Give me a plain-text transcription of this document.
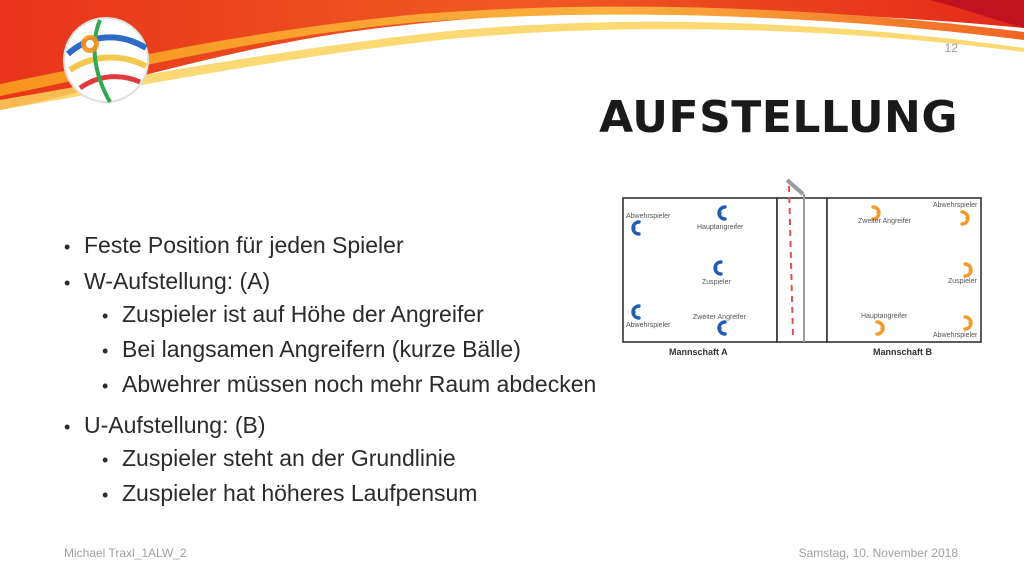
12
AUFSTELLUNG
• Feste Position für jeden Spieler
• W-Aufstellung: (A)
• Zuspieler ist auf Höhe der Angreifer
• Bei langsamen Angreifern (kurze Bälle)
• Abwehrer müssen noch mehr Raum abdecken
• U-Aufstellung: (B)
• Zuspieler steht an der Grundlinie
• Zuspieler hat höheres Laufpensum
Abwehrspieler
Hauptangreifer
Zuspieler
Abwehrspieler
Zweiter Angreifer
Abwehrspieler
Zweiter Angreifer
Zuspieler
Hauptangreifer
Abwehrspieler
Mannschaft A	Mannschaft B
Michael Traxl_1ALW_2	Samstag, 10. November 2018
